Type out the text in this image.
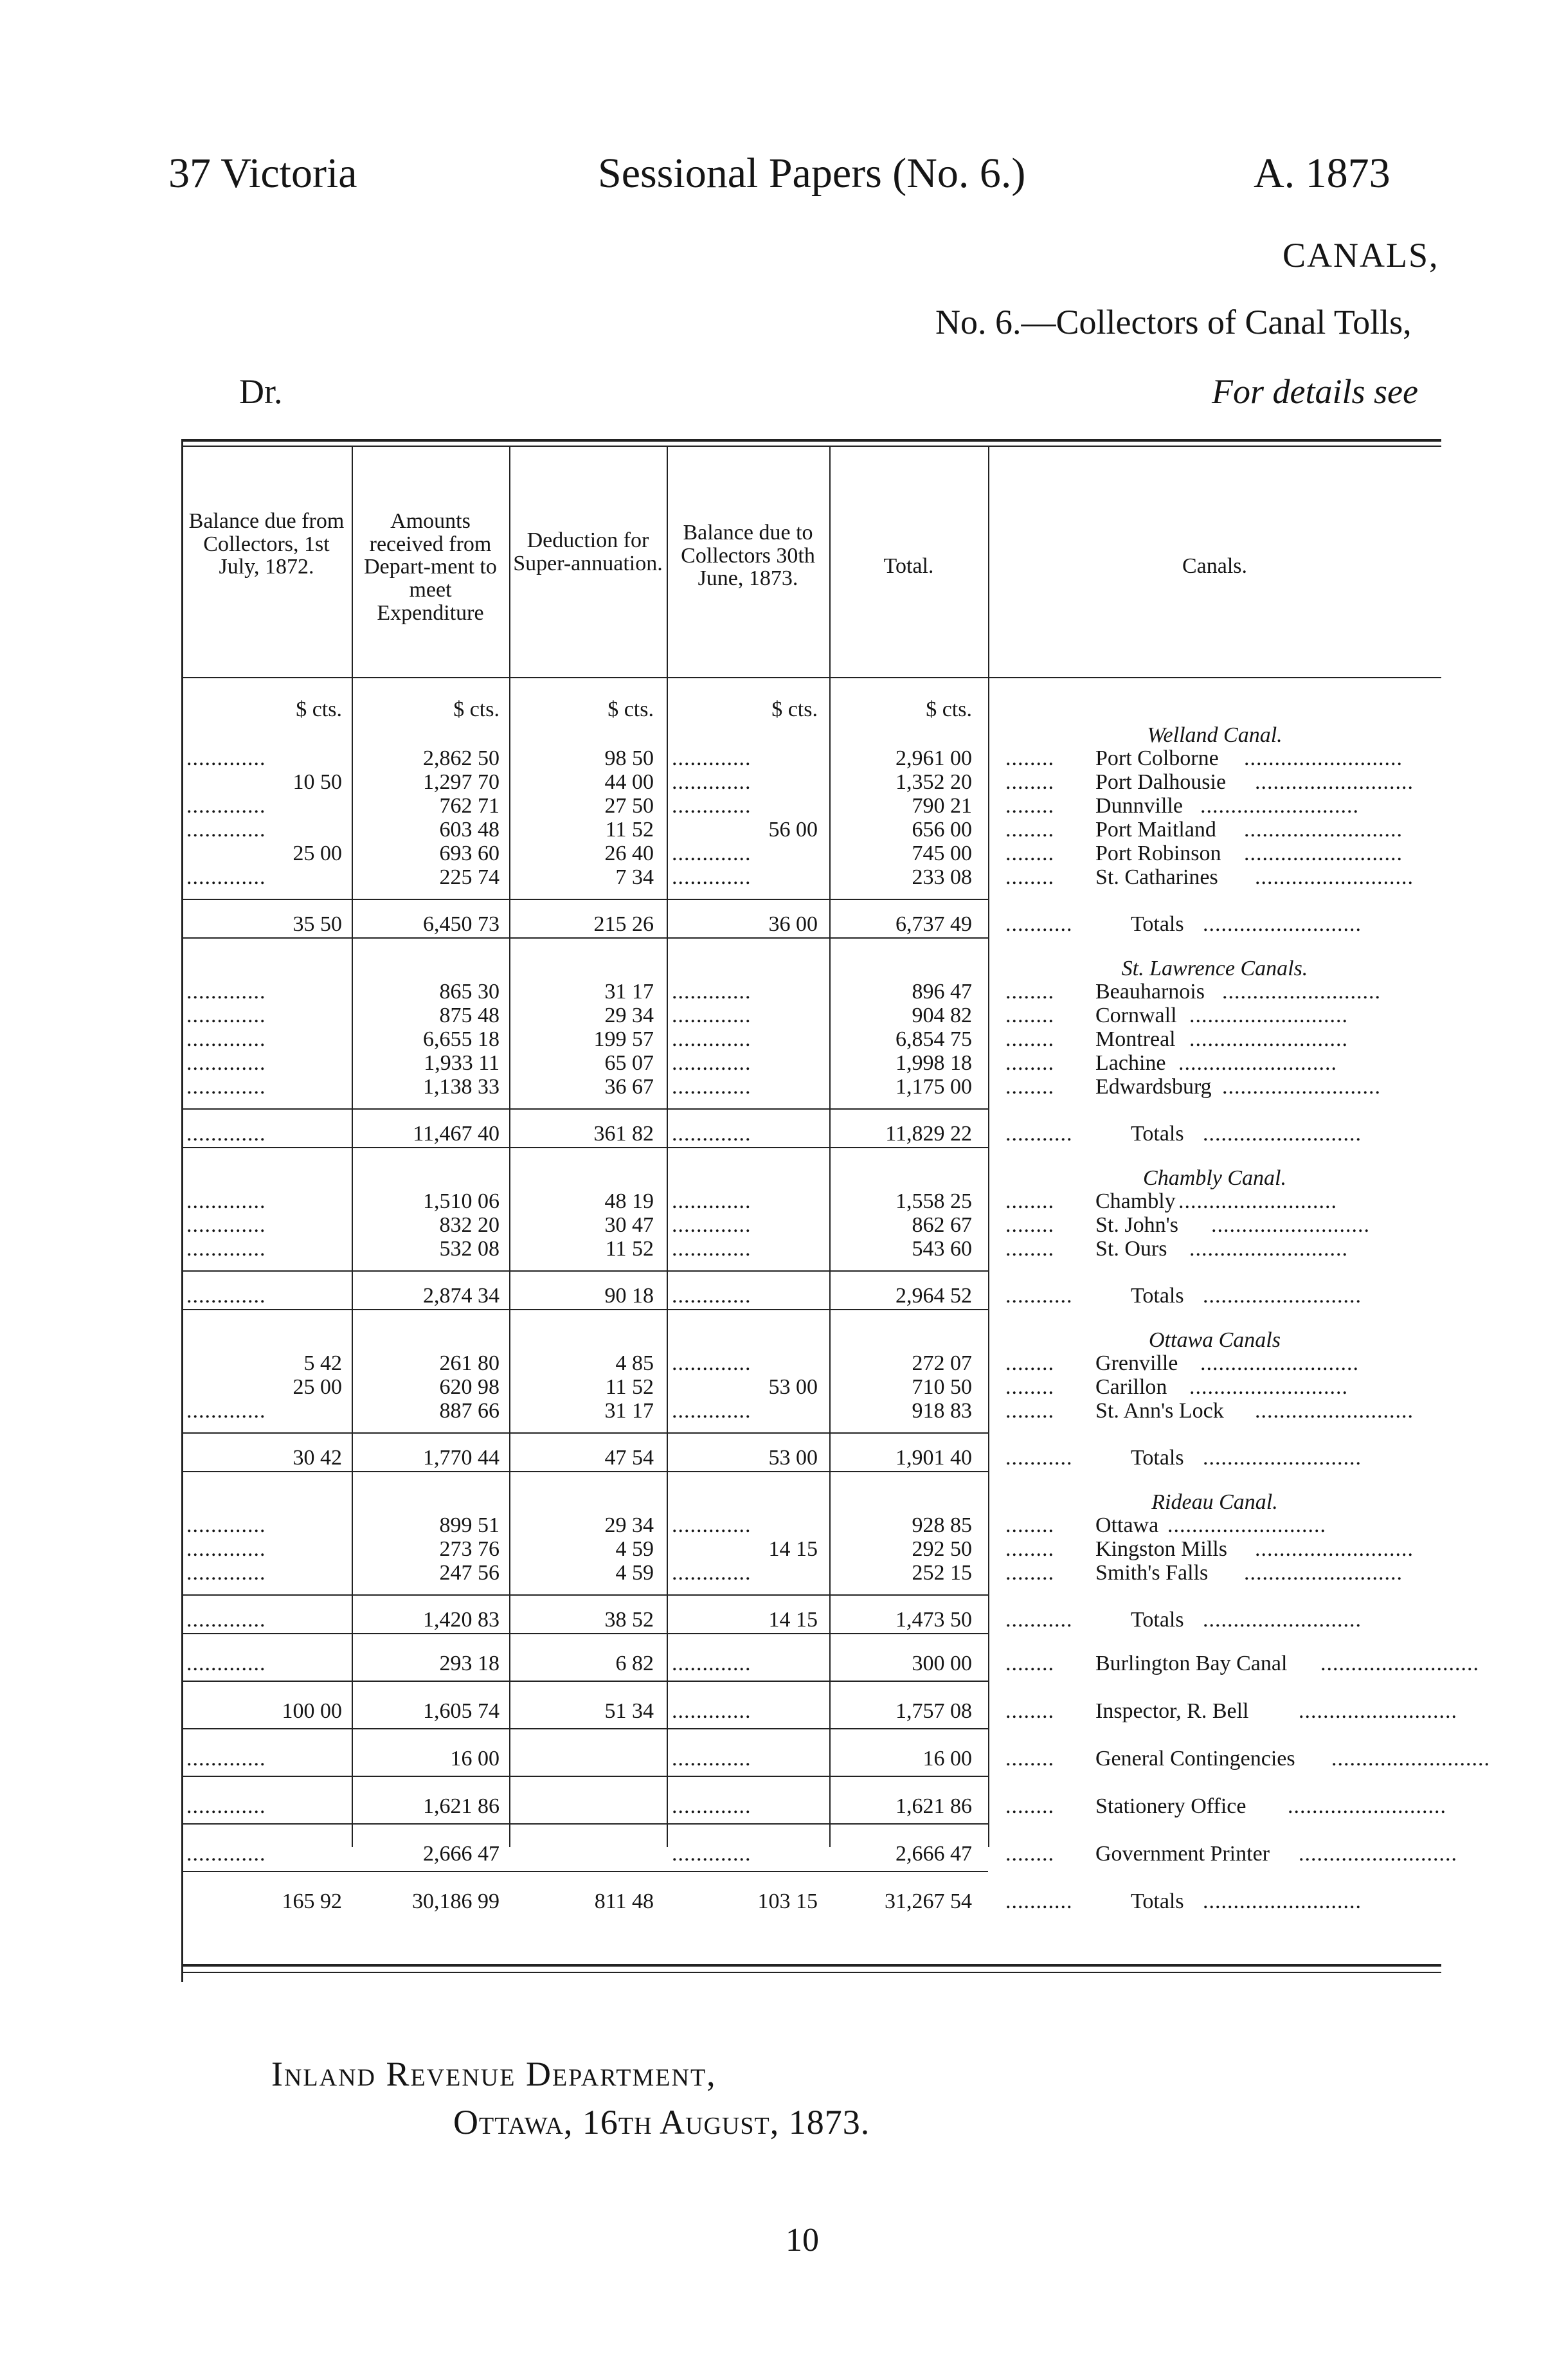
37 Victoria	Sessional Papers (No. 6.)	A. 1873
CANALS,
No. 6.—Collectors of Canal Tolls,
Dr.	For details see
Balance due from Collectors, 1st July, 1872.
Amounts received from Depart-ment to meet Expenditure
Deduction for Super-annuation.
Balance due to Collectors 30th June, 1873.
Total.	Canals.
$ cts.	$ cts.	$ cts.	$ cts.	$ cts.
Welland Canal.
.............	2,862 50	98 50 .............	2,961 00 ........ Port Colborne ..........................
10 50	1,297 70	44 00 .............	1,352 20 ........ Port Dalhousie ..........................
.............	762 71	27 50 .............	790 21 ........ Dunnville ..........................
.............	603 48	11 52	56 00	656 00 ........ Port Maitland ..........................
25 00	693 60	26 40 .............	745 00 ........ Port Robinson ..........................
.............	225 74	7 34 .............	233 08 ........ St. Catharines ..........................
35 50	6,450 73	215 26	36 00	6,737 49 ...........	Totals ..........................
St. Lawrence Canals.
.............	865 30	31 17 .............	896 47 ........ Beauharnois ..........................
.............	875 48	29 34 .............	904 82 ........ Cornwall ..........................
.............	6,655 18	199 57 .............	6,854 75 ........ Montreal ..........................
.............	1,933 11	65 07 .............	1,998 18 ........ Lachine ..........................
.............	1,138 33	36 67 .............	1,175 00 ........ Edwardsburg ..........................
.............	11,467 40	361 82 .............	11,829 22 ...........	Totals ..........................
Chambly Canal.
.............	1,510 06	48 19 .............	1,558 25 ........ Chambly ..........................
.............	832 20	30 47 .............	862 67 ........ St. John's ..........................
.............	532 08	11 52 .............	543 60 ........ St. Ours ..........................
.............	2,874 34	90 18 .............	2,964 52 ...........	Totals ..........................
Ottawa Canals
5 42	261 80	4 85 .............	272 07 ........ Grenville ..........................
25 00	620 98	11 52	53 00	710 50 ........ Carillon ..........................
.............	887 66	31 17 .............	918 83 ........ St. Ann's Lock ..........................
30 42	1,770 44	47 54	53 00	1,901 40 ...........	Totals ..........................
Rideau Canal.
.............	899 51	29 34 .............	928 85 ........ Ottawa ..........................
.............	273 76	4 59	14 15	292 50 ........ Kingston Mills ..........................
.............	247 56	4 59 .............	252 15 ........ Smith's Falls ..........................
.............	1,420 83	38 52	14 15	1,473 50 ...........	Totals ..........................
.............	293 18	6 82 .............	300 00 ........ Burlington Bay Canal ..........................
100 00	1,605 74	51 34 .............	1,757 08 ........ Inspector, R. Bell ..........................
.............	16 00	.............	16 00 ........ General Contingencies ..........................
.............	1,621 86	.............	1,621 86 ........ Stationery Office ..........................
.............	2,666 47	.............	2,666 47 ........ Government Printer ..........................
165 92	30,186 99	811 48	103 15	31,267 54 ...........	Totals ..........................
Inland Revenue Department,
Ottawa, 16th August, 1873.
10
